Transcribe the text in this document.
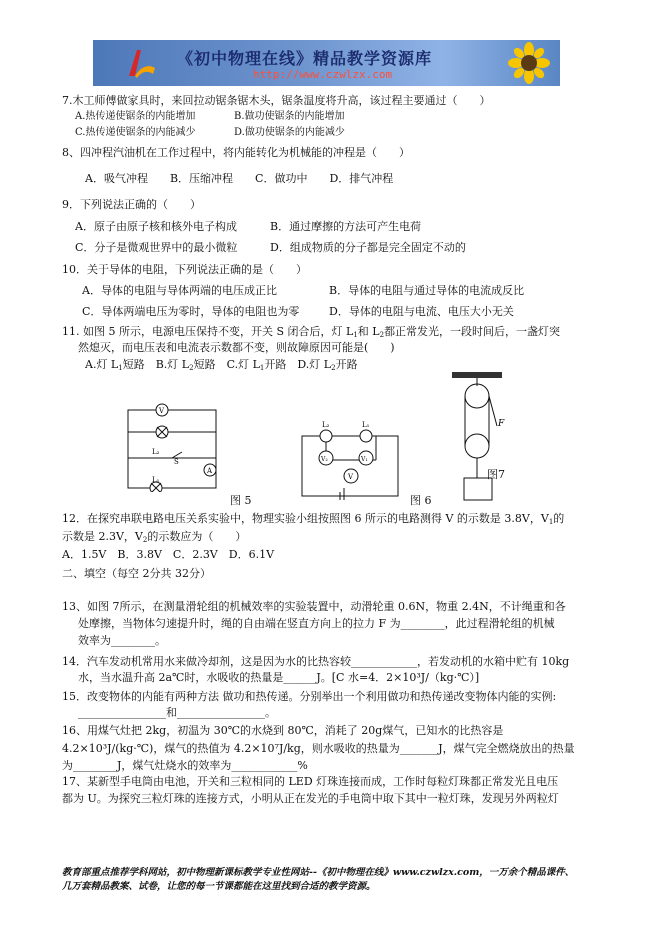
《初中物理在线》精品教学资源库
http://www.czwlzx.com
7.木工师傅做家具时，来回拉动锯条锯木头，锯条温度将升高，该过程主要通过（　　）
A.热传递使锯条的内能增加	B.做功使锯条的内能增加
C.热传递使锯条的内能减少	D.做功使锯条的内能减少
8、四冲程汽油机在工作过程中，将内能转化为机械能的冲程是（　　）
A．吸气冲程　　B．压缩冲程　　C．做功中　　D．排气冲程
9．下列说法正确的（　　）
A．原子由原子核和核外电子构成	B．通过摩擦的方法可产生电荷
C．分子是微观世界中的最小微粒	D．组成物质的分子都是完全固定不动的
10．关于导体的电阻，下列说法正确的是（　　）
A．导体的电阻与导体两端的电压成正比	B．导体的电阻与通过导体的电流成反比
C．导体两端电压为零时，导体的电阻也为零	D．导体的电阻与电流、电压大小无关
11. 如图 5 所示，电源电压保持不变，开关 S 闭合后，灯 $L_1$和 $L_2$都正常发光，一段时间后，一盏灯突
然熄灭，而电压表和电流表示数都不变，则故障原因可能是(　　)
A.灯 $L_1$短路　B.灯 $L_2$短路　C.灯 $L_1$开路　D.灯 $L_2$开路
V
A
L₂
S
L₁
图 5
L₂	L₁
V₂	V₁
V
图 6
F
图7
12．在探究串联电路电压关系实验中，物理实验小组按照图 6 所示的电路测得 V 的示数是 3.8V，$V_1$的
示数是 2.3V，$V_2$的示数应为（　　）
A．1.5V　B．3.8V　C．2.3V　D．6.1V
二、填空（每空 2分共 32分）
13、如图 7所示，在测量滑轮组的机械效率的实验装置中，动滑轮重 0.6N，物重 2.4N，不计绳重和各
处摩擦，当物体匀速提升时，绳的自由端在竖直方向上的拉力 F 为________，此过程滑轮组的机械
效率为________。
14．汽车发动机常用水来做冷却剂，这是因为水的比热容较____________，若发动机的水箱中贮有 10kg
水，当水温升高 2a℃时，水吸收的热量是______J。[C 水=4．2×10³J/（kg·℃）]
15．改变物体的内能有两种方法 做功和热传递。分别举出一个利用做功和热传递改变物体内能的实例:
________________和________________。
16、用煤气灶把 2kg，初温为 30℃的水烧到 80℃，消耗了 20g煤气，已知水的比热容是
4.2×10³J/(kg·℃)，煤气的热值为 4.2×10⁷J/kg，则水吸收的热量为_______J，煤气完全燃烧放出的热量
为________J，煤气灶烧水的效率为____________%
17、某新型手电筒由电池，开关和三粒相同的 LED 灯珠连接而成，工作时每粒灯珠都正常发光且电压
都为 U。为探究三粒灯珠的连接方式，小明从正在发光的手电筒中取下其中一粒灯珠，发现另外两粒灯
教育部重点推荐学科网站，初中物理新课标教学专业性网站--《初中物理在线》www.czwlzx.com，一万余个精品课件、
几万套精品教案、试卷，让您的每一节课都能在这里找到合适的教学资源。
